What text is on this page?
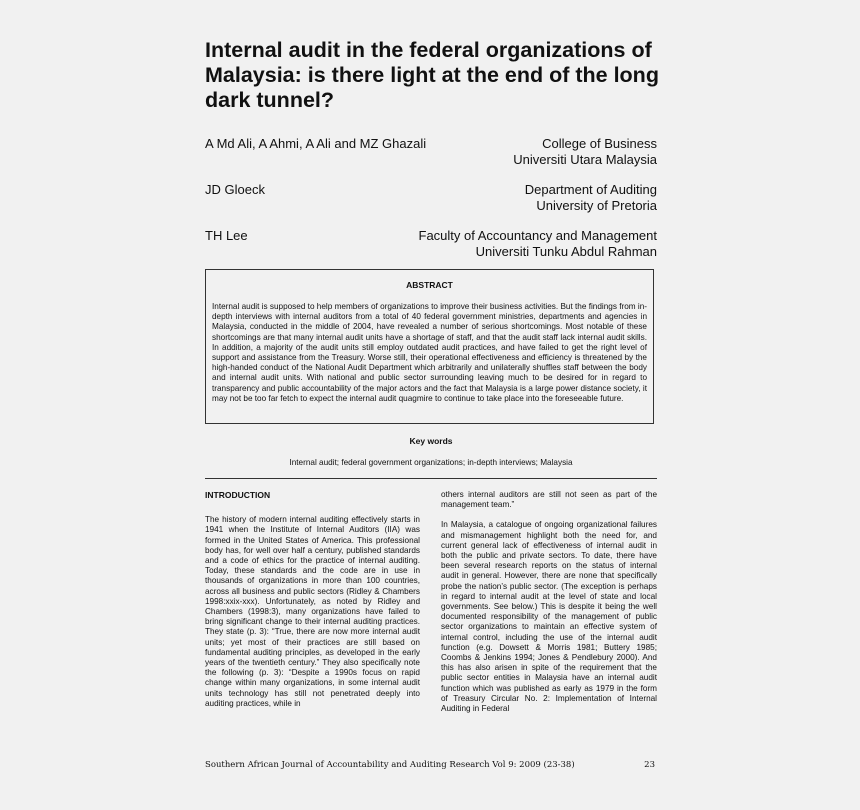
Internal audit in the federal organizations of Malaysia: is there light at the end of the long dark tunnel?
A Md Ali, A Ahmi, A Ali and MZ Ghazali	College of Business
Universiti Utara Malaysia
JD Gloeck	Department of Auditing
University of Pretoria
TH Lee	Faculty of Accountancy and Management
Universiti Tunku Abdul Rahman
ABSTRACT
Internal audit is supposed to help members of organizations to improve their business activities. But the findings from in-depth interviews with internal auditors from a total of 40 federal government ministries, departments and agencies in Malaysia, conducted in the middle of 2004, have revealed a number of serious shortcomings. Most notable of these shortcomings are that many internal audit units have a shortage of staff, and that the audit staff lack internal audit skills. In addition, a majority of the audit units still employ outdated audit practices, and have failed to get the right level of support and assistance from the Treasury. Worse still, their operational effectiveness and efficiency is threatened by the high-handed conduct of the National Audit Department which arbitrarily and unilaterally shuffles staff between the body and internal audit units. With national and public sector surrounding leaving much to be desired for in regard to transparency and public accountability of the major actors and the fact that Malaysia is a large power distance society, it may not be too far fetch to expect the internal audit quagmire to continue to take place into the foreseeable future.
Key words
Internal audit; federal government organizations; in-depth interviews; Malaysia
INTRODUCTION

The history of modern internal auditing effectively starts in 1941 when the Institute of Internal Auditors (IIA) was formed in the United States of America. This professional body has, for well over half a century, published standards and a code of ethics for the practice of internal auditing. Today, these standards and the code are in use in thousands of organizations in more than 100 countries, across all business and public sectors (Ridley & Chambers 1998:xxix-xxx). Unfortunately, as noted by Ridley and Chambers (1998:3), many organizations have failed to bring significant change to their internal auditing practices. They state (p. 3): “True, there are now more internal audit units; yet most of their practices are still based on fundamental auditing principles, as developed in the early years of the twentieth century.” They also specifically note the following (p. 3): “Despite a 1990s focus on rapid change within many organizations, in some internal audit units technology has still not penetrated deeply into auditing practices, while in

others internal auditors are still not seen as part of the management team.”

In Malaysia, a catalogue of ongoing organizational failures and mismanagement highlight both the need for, and current general lack of effectiveness of internal audit in both the public and private sectors. To date, there have been several research reports on the status of internal audit in general. However, there are none that specifically probe the nation’s public sector. (The exception is perhaps in regard to internal audit at the level of state and local governments. See below.) This is despite it being the well documented responsibility of the management of public sector organizations to maintain an effective system of internal control, including the use of the internal audit function (e.g. Dowsett & Morris 1981; Buttery 1985; Coombs & Jenkins 1994; Jones & Pendlebury 2000). And this has also arisen in spite of the requirement that the public sector entities in Malaysia have an internal audit function which was published as early as 1979 in the form of Treasury Circular No. 2: Implementation of Internal Auditing in Federal

Southern African Journal of Accountability and Auditing Research Vol 9: 2009 (23-38)	23
